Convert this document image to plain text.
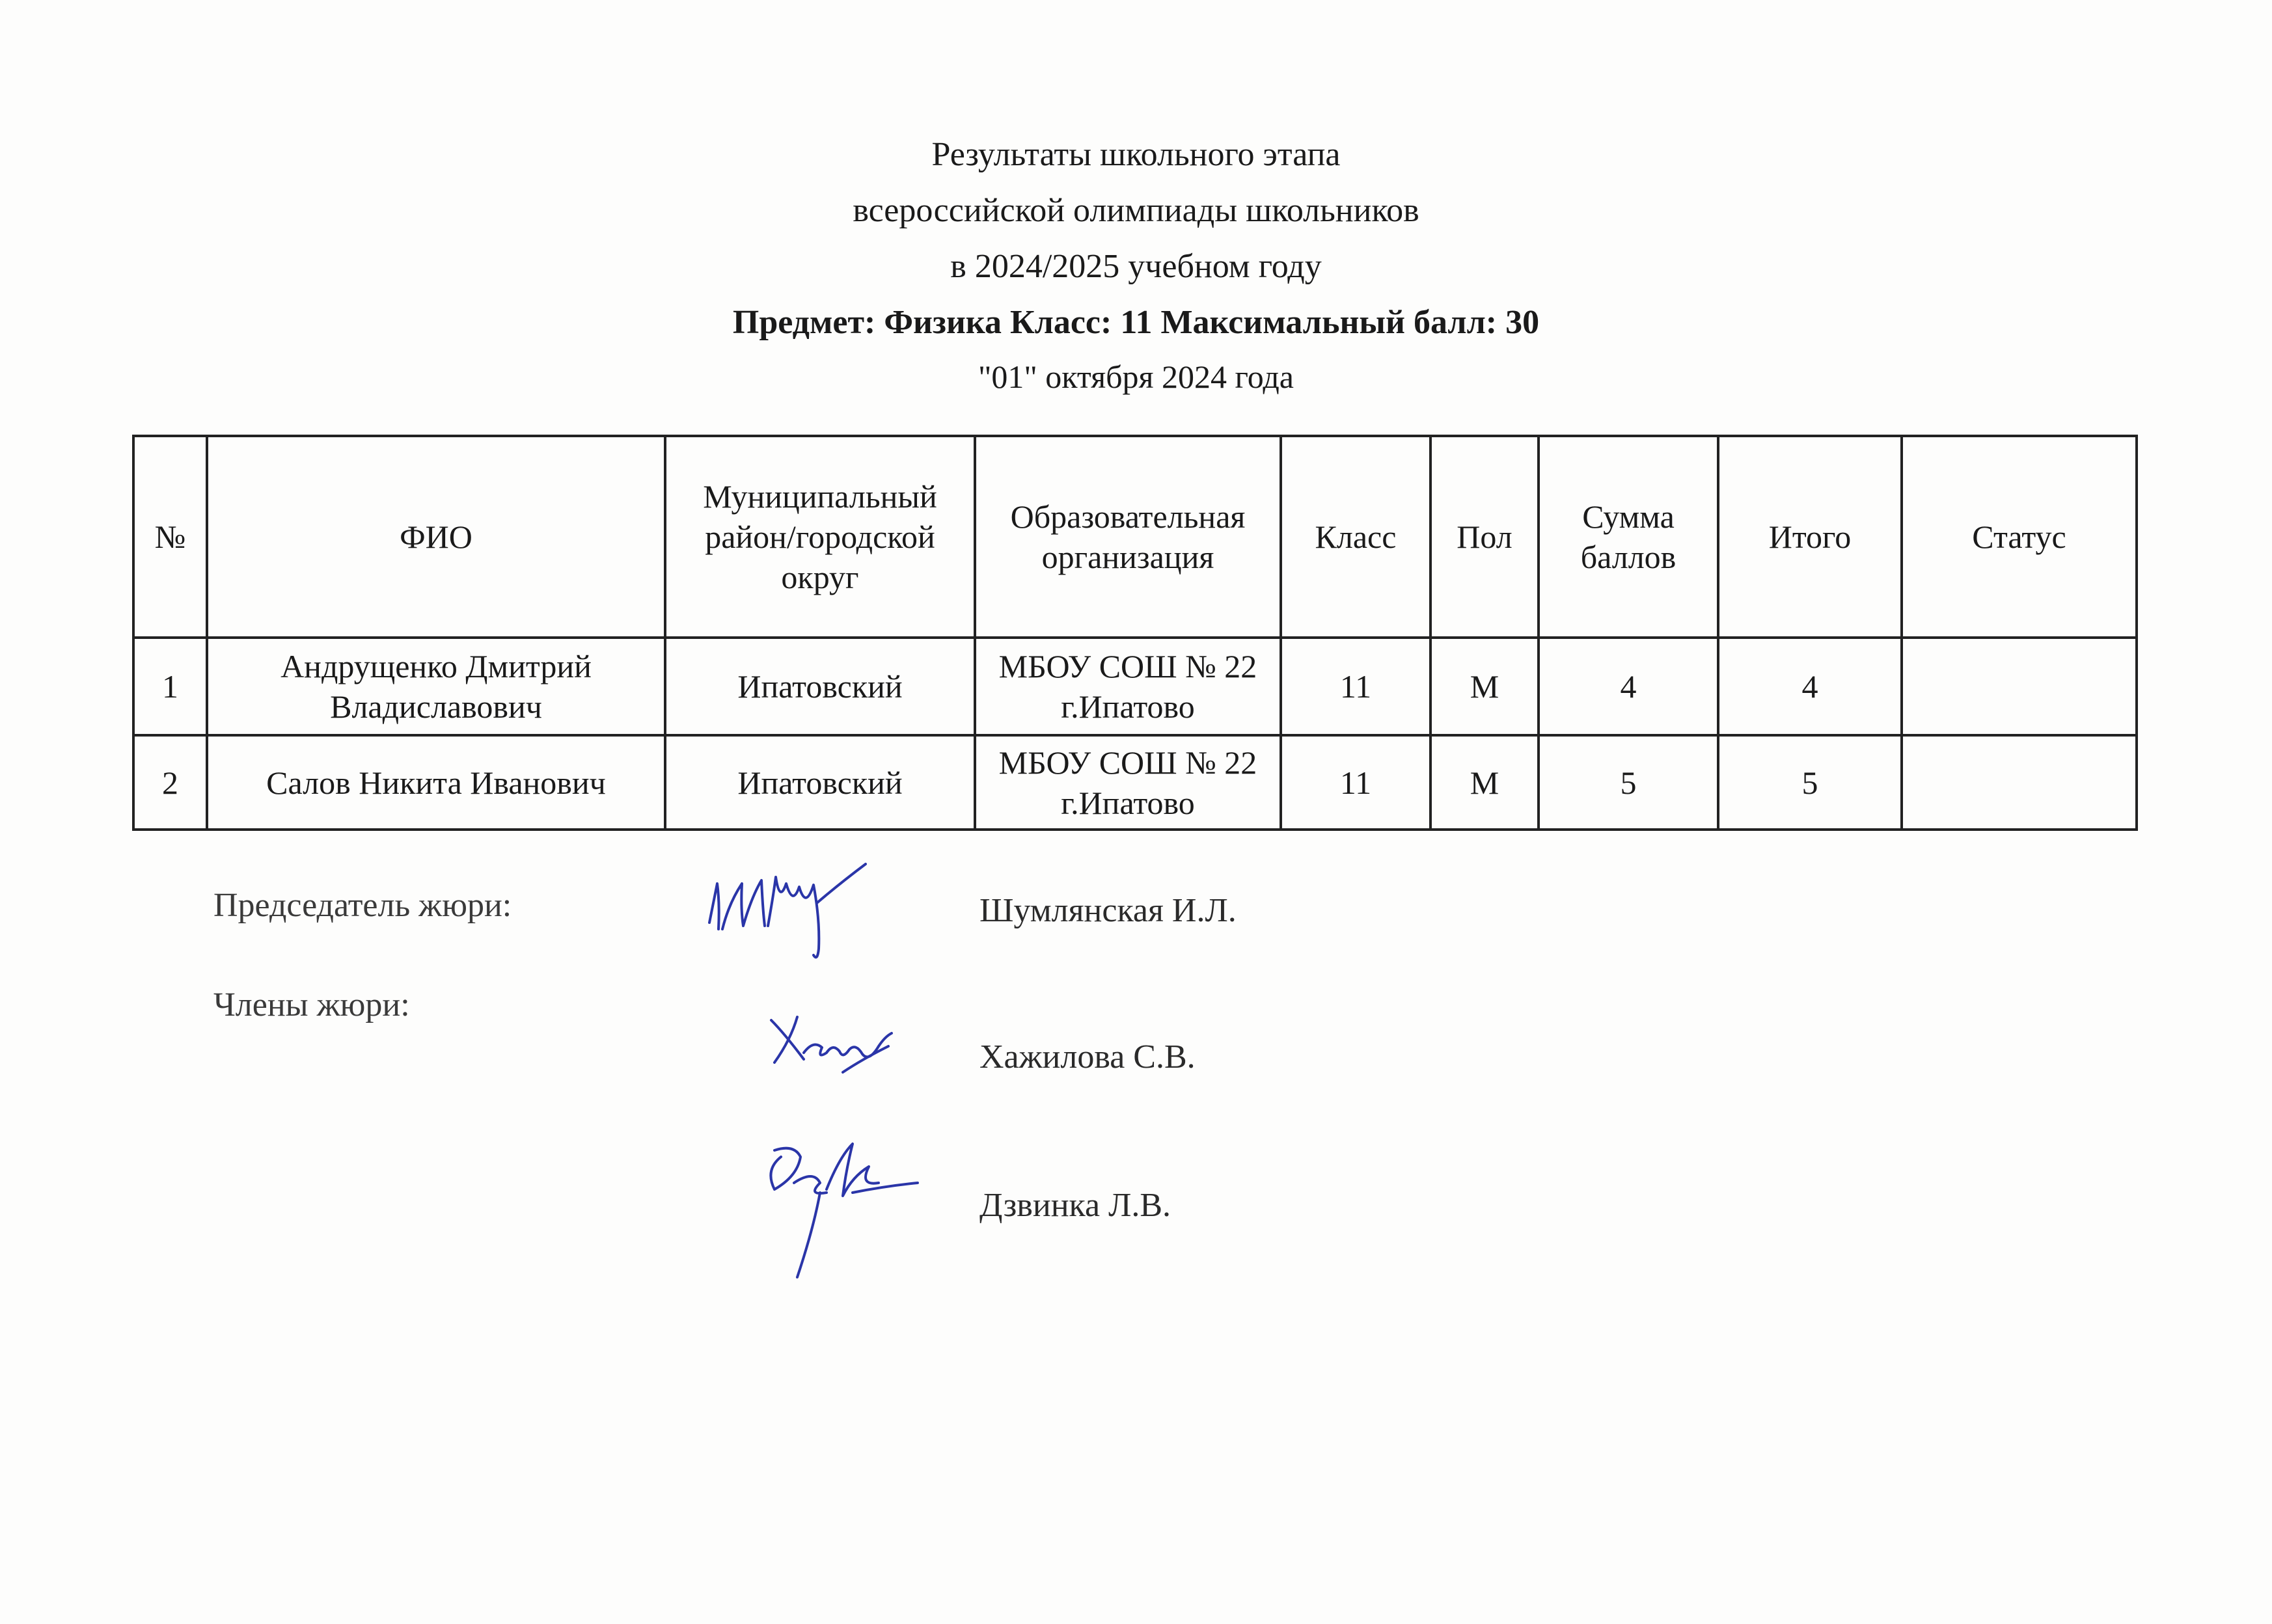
Результаты школьного этапа
всероссийской олимпиады школьников
в 2024/2025 учебном году
Предмет: Физика Класс: 11 Максимальный балл: 30
"01" октября 2024 года
№	ФИО	Муниципальный район/городской округ	Образовательная организация	Класс	Пол	Сумма баллов	Итого	Статус
1	Андрущенко Дмитрий Владиславович	Ипатовский	МБОУ СОШ № 22 г.Ипатово	11	М	4	4	
2	Салов Никита Иванович	Ипатовский	МБОУ СОШ № 22 г.Ипатово	11	М	5	5	
Председатель жюри:	Шумлянская И.Л.
Члены жюри:
Хажилова С.В.
Дзвинка Л.В.
